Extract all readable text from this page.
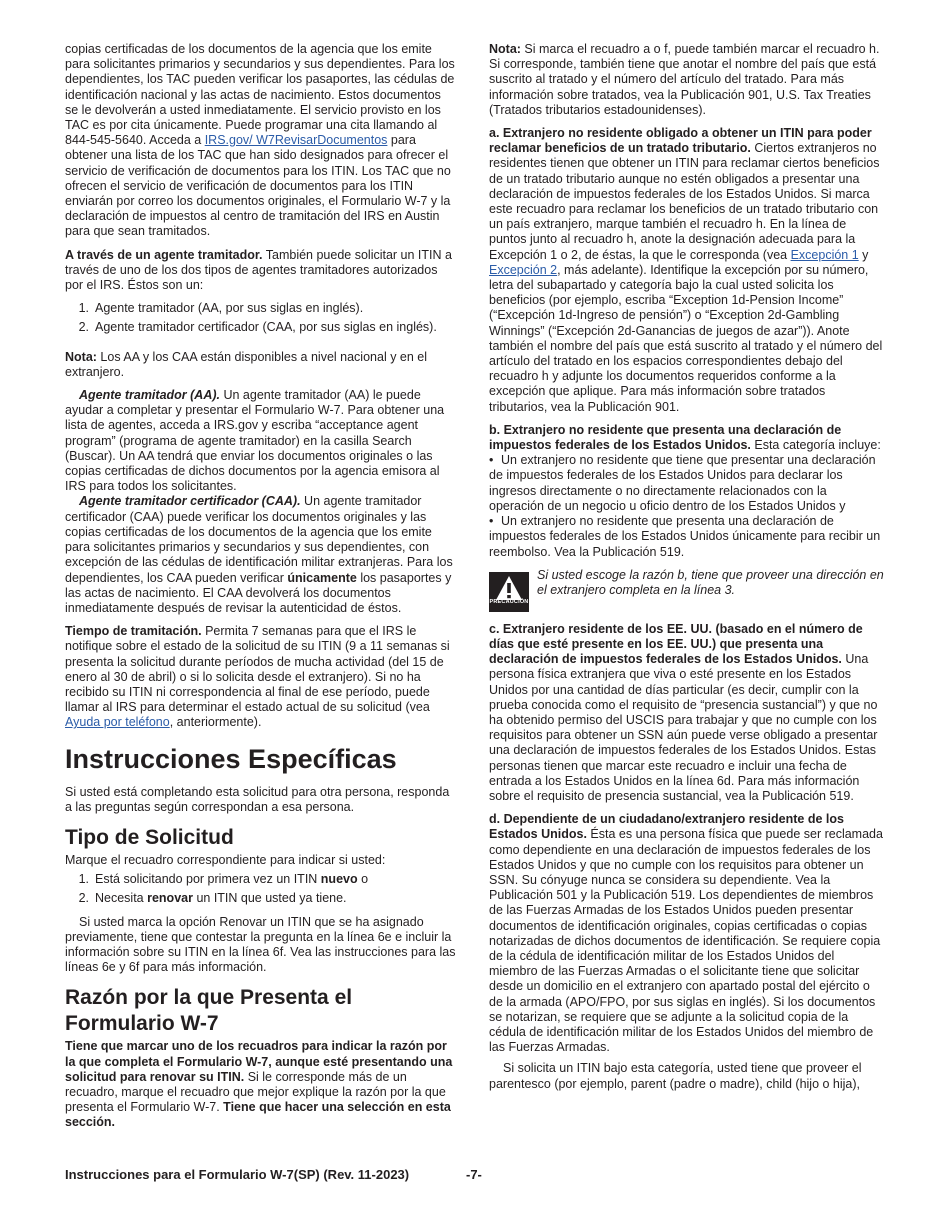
copias certificadas de los documentos de la agencia que los emite para solicitantes primarios y secundarios y sus dependientes. Para los dependientes, los TAC pueden verificar los pasaportes, las cédulas de identificación nacional y las actas de nacimiento. Estos documentos se le devolverán a usted inmediatamente. El servicio provisto en los TAC es por cita únicamente. Puede programar una cita llamando al 844-545-5640. Acceda a IRS.gov/ W7RevisarDocumentos para obtener una lista de los TAC que han sido designados para ofrecer el servicio de verificación de documentos para los ITIN. Los TAC que no ofrecen el servicio de verificación de documentos para los ITIN enviarán por correo los documentos originales, el Formulario W-7 y la declaración de impuestos al centro de tramitación del IRS en Austin para que sean tramitados.

A través de un agente tramitador. También puede solicitar un ITIN a través de uno de los dos tipos de agentes tramitadores autorizados por el IRS. Éstos son un:

1. Agente tramitador (AA, por sus siglas en inglés).
2. Agente tramitador certificador (CAA, por sus siglas en inglés).

Nota: Los AA y los CAA están disponibles a nivel nacional y en el extranjero.

Agente tramitador (AA). Un agente tramitador (AA) le puede ayudar a completar y presentar el Formulario W-7. Para obtener una lista de agentes, acceda a IRS.gov y escriba “acceptance agent program” (programa de agente tramitador) en la casilla Search (Buscar). Un AA tendrá que enviar los documentos originales o las copias certificadas de dichos documentos por la agencia emisora al IRS para todos los solicitantes.

Agente tramitador certificador (CAA). Un agente tramitador certificador (CAA) puede verificar los documentos originales y las copias certificadas de los documentos de la agencia que los emite para solicitantes primarios y secundarios y sus dependientes, con excepción de las cédulas de identificación militar extranjeras. Para los dependientes, los CAA pueden verificar únicamente los pasaportes y las actas de nacimiento. El CAA devolverá los documentos inmediatamente después de revisar la autenticidad de éstos.

Tiempo de tramitación. Permita 7 semanas para que el IRS le notifique sobre el estado de la solicitud de su ITIN (9 a 11 semanas si presenta la solicitud durante períodos de mucha actividad (del 15 de enero al 30 de abril) o si lo solicita desde el extranjero). Si no ha recibido su ITIN ni correspondencia al final de ese período, puede llamar al IRS para determinar el estado actual de su solicitud (vea Ayuda por teléfono, anteriormente).

Instrucciones Específicas

Si usted está completando esta solicitud para otra persona, responda a las preguntas según correspondan a esa persona.

Tipo de Solicitud

Marque el recuadro correspondiente para indicar si usted:

1. Está solicitando por primera vez un ITIN nuevo o
2. Necesita renovar un ITIN que usted ya tiene.

Si usted marca la opción Renovar un ITIN que se ha asignado previamente, tiene que contestar la pregunta en la línea 6e e incluir la información sobre su ITIN en la línea 6f. Vea las instrucciones para las líneas 6e y 6f para más información.

Razón por la que Presenta el Formulario W-7

Tiene que marcar uno de los recuadros para indicar la razón por la que completa el Formulario W-7, aunque esté presentando una solicitud para renovar su ITIN. Si le corresponde más de un recuadro, marque el recuadro que mejor explique la razón por la que presenta el Formulario W-7. Tiene que hacer una selección en esta sección.

Nota: Si marca el recuadro a o f, puede también marcar el recuadro h. Si corresponde, también tiene que anotar el nombre del país que está suscrito al tratado y el número del artículo del tratado. Para más información sobre tratados, vea la Publicación 901, U.S. Tax Treaties (Tratados tributarios estadounidenses).

a. Extranjero no residente obligado a obtener un ITIN para poder reclamar beneficios de un tratado tributario. Ciertos extranjeros no residentes tienen que obtener un ITIN para reclamar ciertos beneficios de un tratado tributario aunque no estén obligados a presentar una declaración de impuestos federales de los Estados Unidos. Si marca este recuadro para reclamar los beneficios de un tratado tributario con un país extranjero, marque también el recuadro h. En la línea de puntos junto al recuadro h, anote la designación adecuada para la Excepción 1 o 2, de éstas, la que le corresponda (vea Excepción 1 y Excepción 2, más adelante). Identifique la excepción por su número, letra del subapartado y categoría bajo la cual usted solicita los beneficios (por ejemplo, escriba “Exception 1d-Pension Income” (“Excepción 1d-Ingreso de pensión”) o “Exception 2d-Gambling Winnings” (“Excepción 2d-Ganancias de juegos de azar”)). Anote también el nombre del país que está suscrito al tratado y el número del artículo del tratado en los espacios correspondientes debajo del recuadro h y adjunte los documentos requeridos conforme a la excepción que aplique. Para más información sobre tratados tributarios, vea la Publicación 901.

b. Extranjero no residente que presenta una declaración de impuestos federales de los Estados Unidos. Esta categoría incluye:

• Un extranjero no residente que tiene que presentar una declaración de impuestos federales de los Estados Unidos para declarar los ingresos directamente o no directamente relacionados con la operación de un negocio u oficio dentro de los Estados Unidos y

• Un extranjero no residente que presenta una declaración de impuestos federales de los Estados Unidos únicamente para recibir un reembolso. Vea la Publicación 519.

PRECAUCIÓN
Si usted escoge la razón b, tiene que proveer una dirección en el extranjero completa en la línea 3.

c. Extranjero residente de los EE. UU. (basado en el número de días que esté presente en los EE. UU.) que presenta una declaración de impuestos federales de los Estados Unidos. Una persona física extranjera que viva o esté presente en los Estados Unidos por una cantidad de días particular (es decir, cumplir con la prueba conocida como el requisito de “presencia sustancial”) y que no ha obtenido permiso del USCIS para trabajar y que no cumple con los requisitos para obtener un SSN aún puede verse obligado a presentar una declaración de impuestos federales de los Estados Unidos. Estas personas tienen que marcar este recuadro e incluir una fecha de entrada a los Estados Unidos en la línea 6d. Para más información sobre el requisito de presencia sustancial, vea la Publicación 519.

d. Dependiente de un ciudadano/extranjero residente de los Estados Unidos. Ésta es una persona física que puede ser reclamada como dependiente en una declaración de impuestos federales de los Estados Unidos y que no cumple con los requisitos para obtener un SSN. Su cónyuge nunca se considera su dependiente. Vea la Publicación 501 y la Publicación 519. Los dependientes de miembros de las Fuerzas Armadas de los Estados Unidos pueden presentar documentos de identificación originales, copias certificadas o copias notarizadas de dichos documentos de identificación. Se requiere copia de la cédula de identificación militar de los Estados Unidos del miembro de las Fuerzas Armadas o el solicitante tiene que solicitar desde un domicilio en el extranjero con apartado postal del ejército o de la armada (APO/FPO, por sus siglas en inglés). Si los documentos se notarizan, se requiere que se adjunte a la solicitud copia de la cédula de identificación militar de los Estados Unidos del miembro de las Fuerzas Armadas.

Si solicita un ITIN bajo esta categoría, usted tiene que proveer el parentesco (por ejemplo, parent (padre o madre), child (hijo o hija),

Instrucciones para el Formulario W-7(SP) (Rev. 11-2023)	-7-
